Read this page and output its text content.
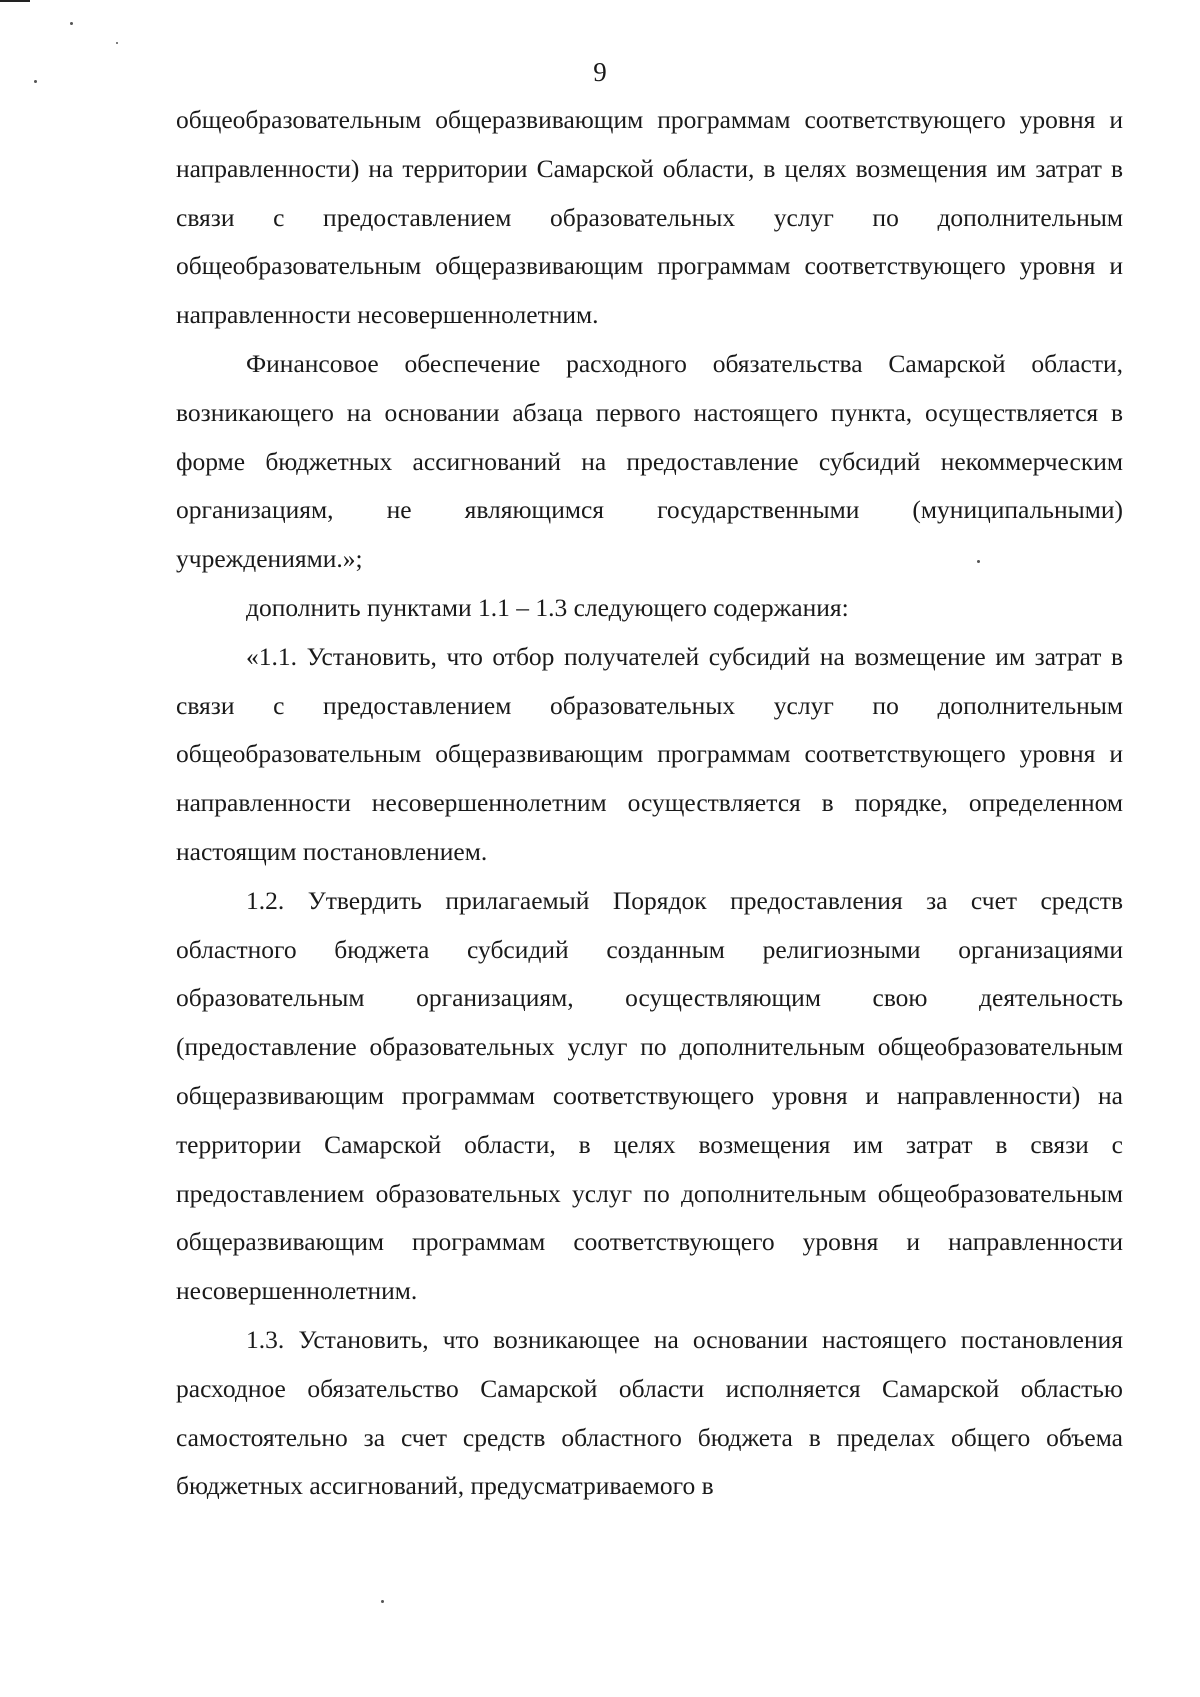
9

общеобразовательным общеразвивающим программам соответствующего уровня и направленности) на территории Самарской области, в целях возмещения им затрат в связи с предоставлением образовательных услуг по дополнительным общеобразовательным общеразвивающим программам соответствующего уровня и направленности несовершеннолетним.

Финансовое обеспечение расходного обязательства Самарской области, возникающего на основании абзаца первого настоящего пункта, осуществляется в форме бюджетных ассигнований на предоставление субсидий некоммерческим организациям, не являющимся государственными (муниципальными) учреждениями.»;

дополнить пунктами 1.1 – 1.3 следующего содержания:

«1.1. Установить, что отбор получателей субсидий на возмещение им затрат в связи с предоставлением образовательных услуг по дополнительным общеобразовательным общеразвивающим программам соответствующего уровня и направленности несовершеннолетним осуществляется в порядке, определенном настоящим постановлением.

1.2. Утвердить прилагаемый Порядок предоставления за счет средств областного бюджета субсидий созданным религиозными организациями образовательным организациям, осуществляющим свою деятельность (предоставление образовательных услуг по дополнительным общеобразовательным общеразвивающим программам соответствующего уровня и направленности) на территории Самарской области, в целях возмещения им затрат в связи с предоставлением образовательных услуг по дополнительным общеобразовательным общеразвивающим программам соответствующего уровня и направленности несовершеннолетним.

1.3. Установить, что возникающее на основании настоящего постановления расходное обязательство Самарской области исполняется Самарской областью самостоятельно за счет средств областного бюджета в пределах общего объема бюджетных ассигнований, предусматриваемого в
